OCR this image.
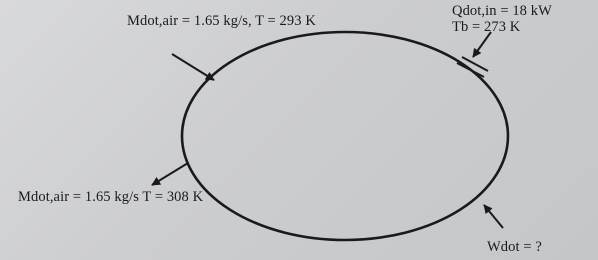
Mdot,air = 1.65 kg/s, T = 293 K
Qdot,in = 18 kW
Tb = 273 K
Mdot,air = 1.65 kg/s T = 308 K
Wdot = ?
